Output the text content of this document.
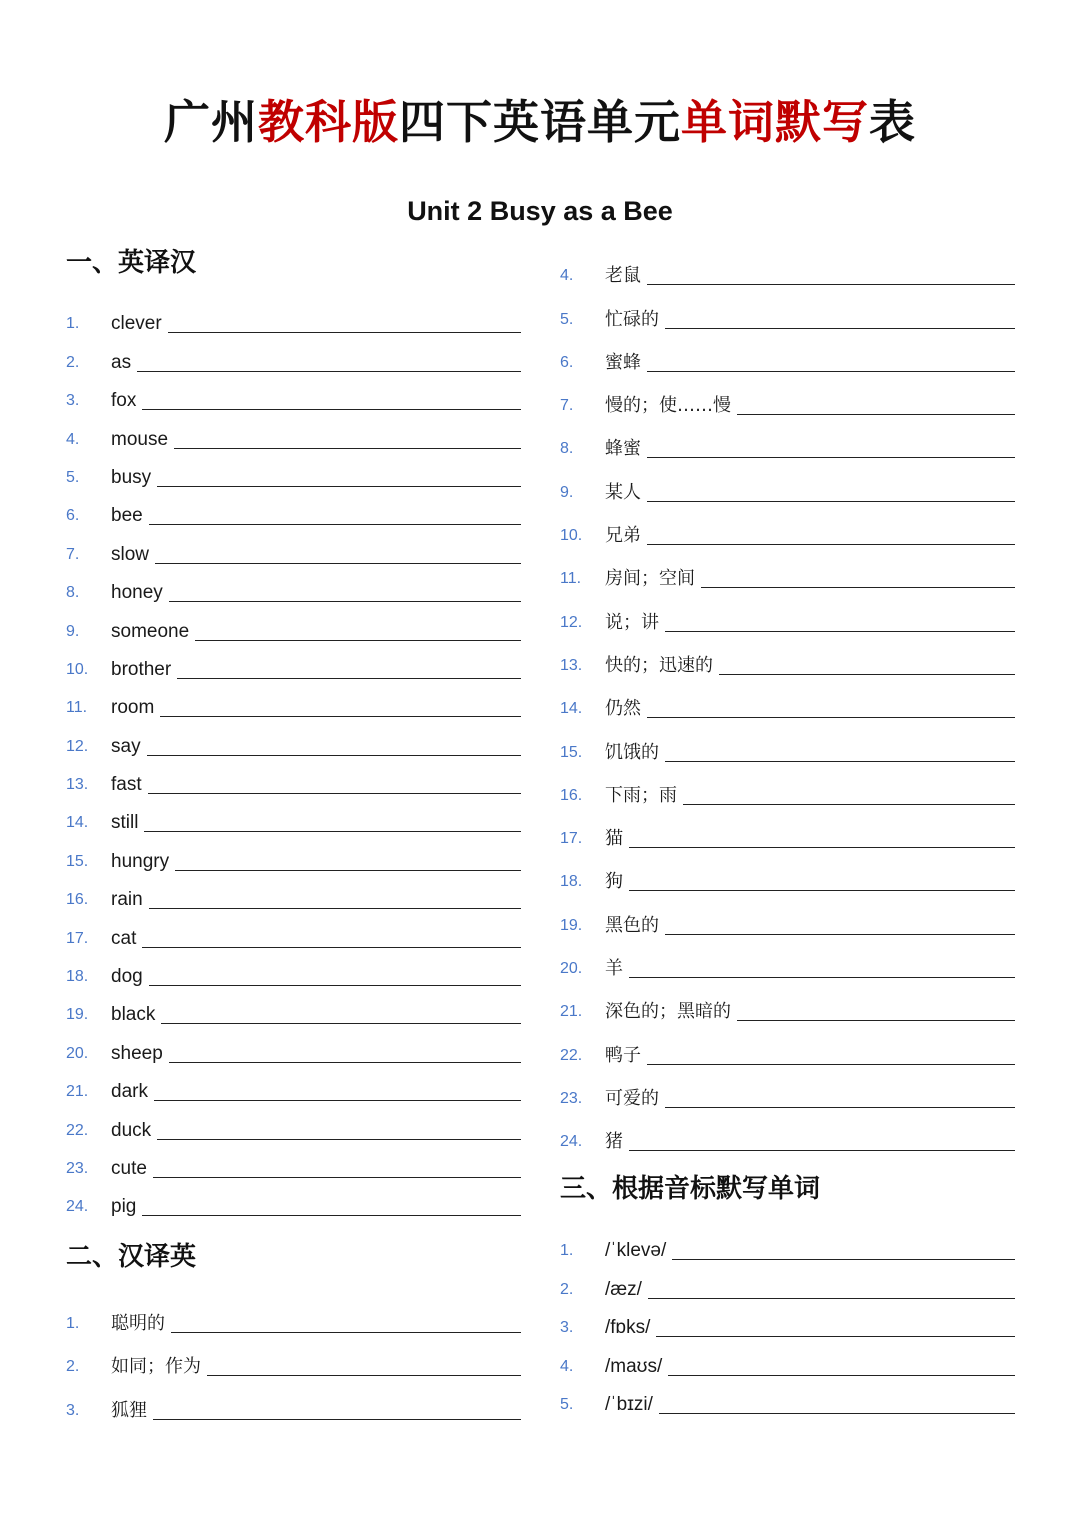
广州教科版四下英语单元单词默写表
Unit 2 Busy as a Bee
一、英译汉
1.	clever
2.	as
3.	fox
4.	mouse
5.	busy
6.	bee
7.	slow
8.	honey
9.	someone
10.	brother
11.	room
12.	say
13.	fast
14.	still
15.	hungry
16.	rain
17.	cat
18.	dog
19.	black
20.	sheep
21.	dark
22.	duck
23.	cute
24.	pig
二、汉译英
1.	聪明的
2.	如同；作为
3.	狐狸
4.	老鼠
5.	忙碌的
6.	蜜蜂
7.	慢的；使……慢
8.	蜂蜜
9.	某人
10.	兄弟
11.	房间；空间
12.	说；讲
13.	快的；迅速的
14.	仍然
15.	饥饿的
16.	下雨；雨
17.	猫
18.	狗
19.	黑色的
20.	羊
21.	深色的；黑暗的
22.	鸭子
23.	可爱的
24.	猪
三、根据音标默写单词
1.	/ˈklevə/
2.	/æz/
3.	/fɒks/
4.	/maʊs/
5.	/ˈbɪzi/
